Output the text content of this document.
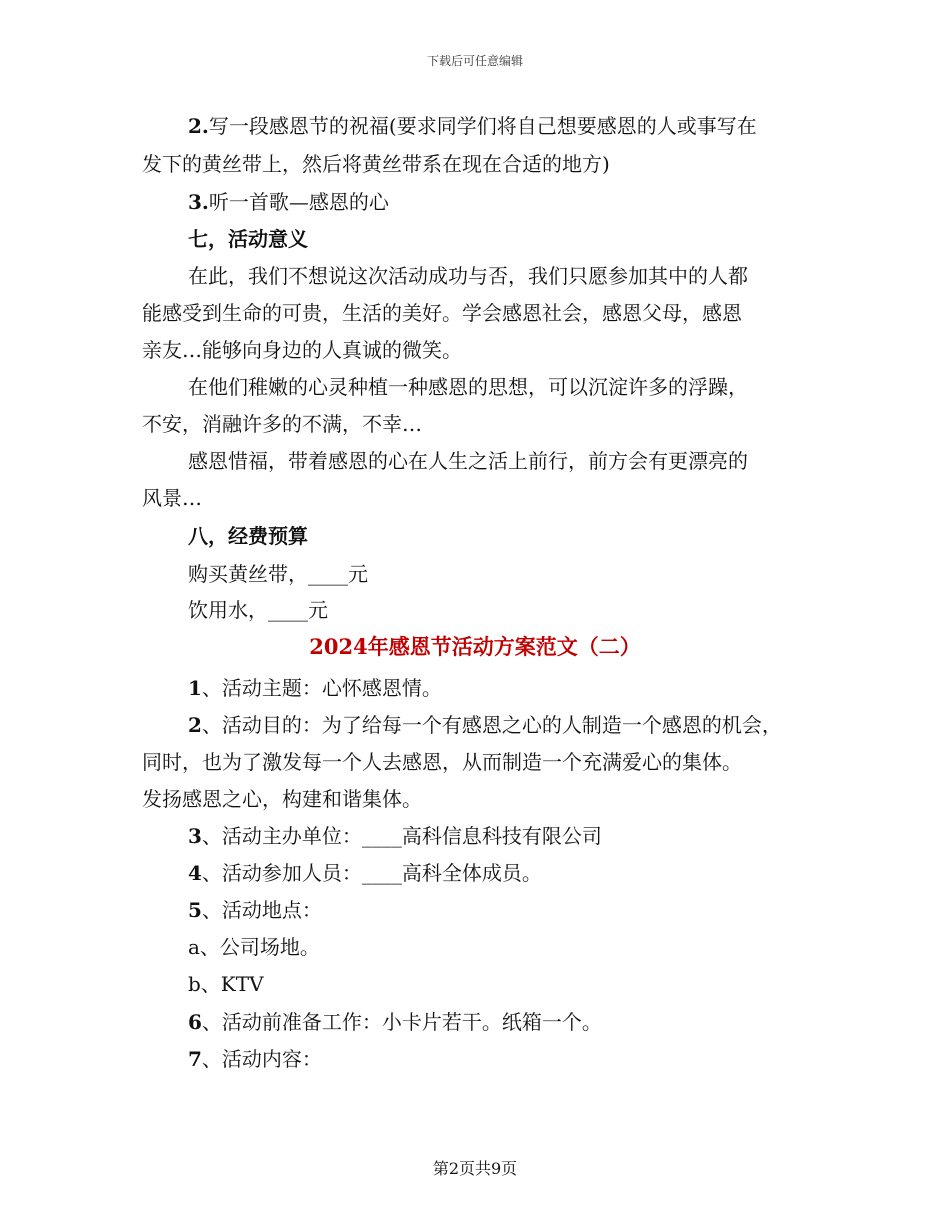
下载后可任意编辑
2.写一段感恩节的祝福(要求同学们将自己想要感恩的人或事写在
发下的黄丝带上，然后将黄丝带系在现在合适的地方)
3.听一首歌—感恩的心
七，活动意义
在此，我们不想说这次活动成功与否，我们只愿参加其中的人都
能感受到生命的可贵，生活的美好。学会感恩社会，感恩父母，感恩
亲友…能够向身边的人真诚的微笑。
在他们稚嫩的心灵种植一种感恩的思想，可以沉淀许多的浮躁，
不安，消融许多的不满，不幸…
感恩惜福，带着感恩的心在人生之活上前行，前方会有更漂亮的
风景…
八，经费预算
购买黄丝带，____元
饮用水，____元
2024年感恩节活动方案范文（二）
1、活动主题：心怀感恩情。
2、活动目的：为了给每一个有感恩之心的人制造一个感恩的机会，
同时，也为了激发每一个人去感恩，从而制造一个充满爱心的集体。
发扬感恩之心，构建和谐集体。
3、活动主办单位：____高科信息科技有限公司
4、活动参加人员：____高科全体成员。
5、活动地点：
a、公司场地。
b、KTV
6、活动前准备工作：小卡片若干。纸箱一个。
7、活动内容：
第2页共9页
